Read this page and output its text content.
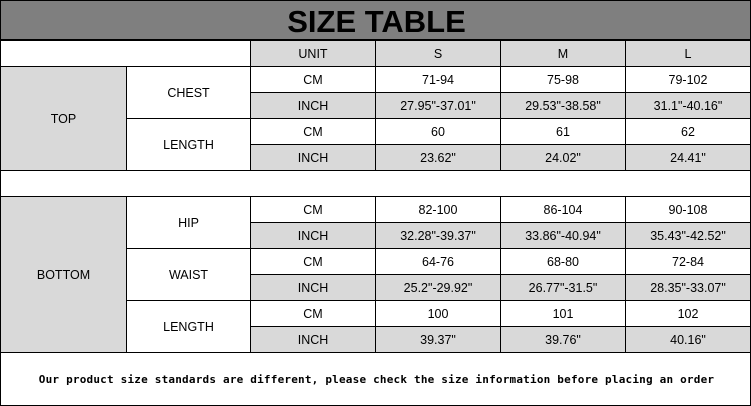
SIZE TABLE
UNIT	S	M	L
TOP
CHEST
CM	71-94	75-98	79-102
INCH	27.95"-37.01"	29.53"-38.58"	31.1"-40.16"
LENGTH
CM	60	61	62
INCH	23.62"	24.02"	24.41"
BOTTOM
HIP
CM	82-100	86-104	90-108
INCH	32.28"-39.37"	33.86"-40.94"	35.43"-42.52"
WAIST
CM	64-76	68-80	72-84
INCH	25.2"-29.92"	26.77"-31.5"	28.35"-33.07"
LENGTH
CM	100	101	102
INCH	39.37"	39.76"	40.16"
Our product size standards are different, please check the size information before placing an order
